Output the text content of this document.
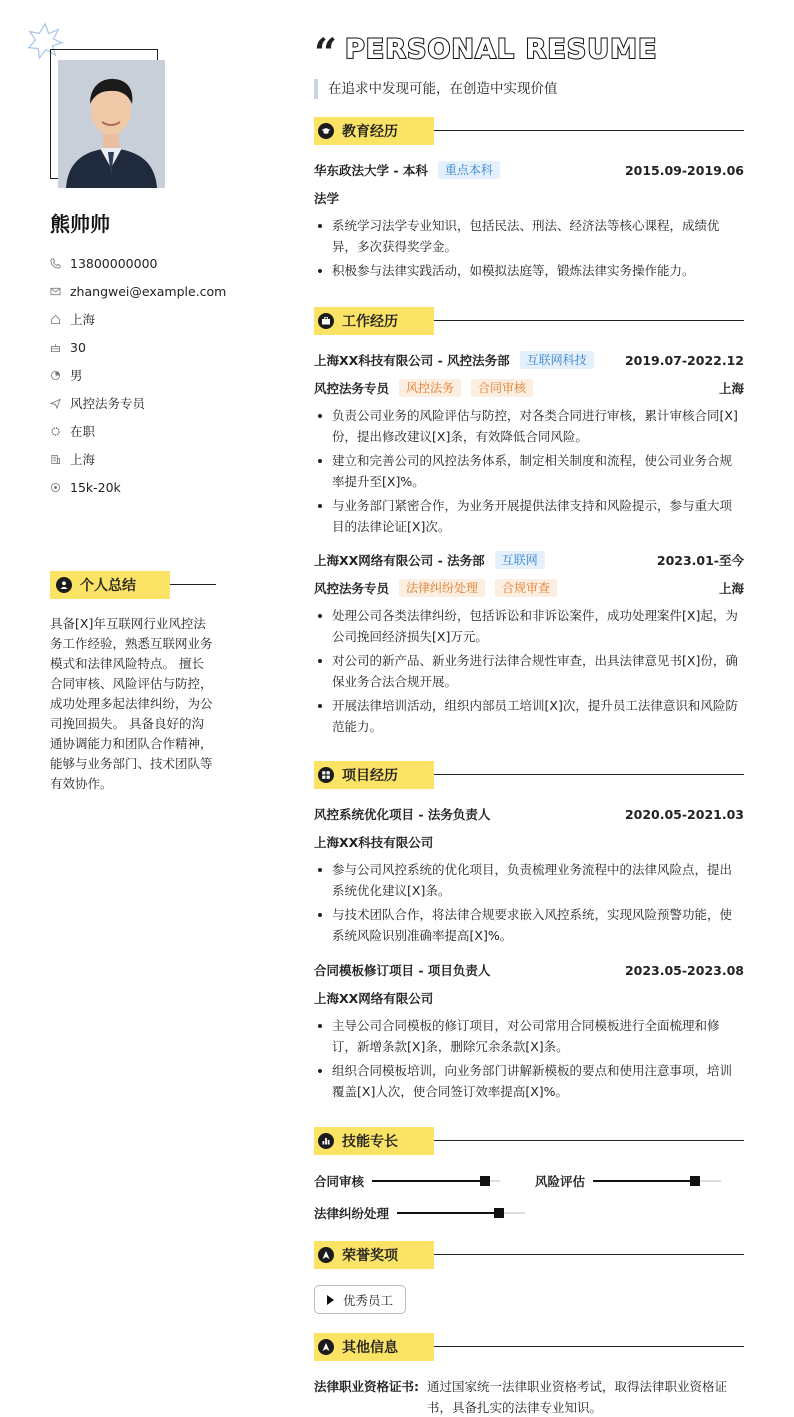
熊帅帅
13800000000
zhangwei@example.com
上海
30
男
风控法务专员
在职
上海
15k-20k
个人总结
具备[X]年互联网行业风控法务工作经验，熟悉互联网业务模式和法律风险特点。 擅长合同审核、风险评估与防控，成功处理多起法律纠纷，为公司挽回损失。 具备良好的沟通协调能力和团队合作精神，能够与业务部门、技术团队等有效协作。
“ PERSONAL RESUME
在追求中发现可能，在创造中实现价值
教育经历
华东政法大学 - 本科	重点本科	2015.09-2019.06
法学
系统学习法学专业知识，包括民法、刑法、经济法等核心课程，成绩优异，多次获得奖学金。
积极参与法律实践活动，如模拟法庭等，锻炼法律实务操作能力。
工作经历
上海XX科技有限公司 - 风控法务部	互联网科技	2019.07-2022.12
风控法务专员	风控法务	合同审核	上海
负责公司业务的风险评估与防控，对各类合同进行审核，累计审核合同[X]份，提出修改建议[X]条，有效降低合同风险。
建立和完善公司的风控法务体系，制定相关制度和流程，使公司业务合规率提升至[X]%。
与业务部门紧密合作，为业务开展提供法律支持和风险提示，参与重大项目的法律论证[X]次。
上海XX网络有限公司 - 法务部	互联网	2023.01-至今
风控法务专员	法律纠纷处理	合规审查	上海
处理公司各类法律纠纷，包括诉讼和非诉讼案件，成功处理案件[X]起，为公司挽回经济损失[X]万元。
对公司的新产品、新业务进行法律合规性审查，出具法律意见书[X]份，确保业务合法合规开展。
开展法律培训活动，组织内部员工培训[X]次，提升员工法律意识和风险防范能力。
项目经历
风控系统优化项目 - 法务负责人	2020.05-2021.03
上海XX科技有限公司
参与公司风控系统的优化项目，负责梳理业务流程中的法律风险点，提出系统优化建议[X]条。
与技术团队合作，将法律合规要求嵌入风控系统，实现风险预警功能，使系统风险识别准确率提高[X]%。
合同模板修订项目 - 项目负责人	2023.05-2023.08
上海XX网络有限公司
主导公司合同模板的修订项目，对公司常用合同模板进行全面梳理和修订，新增条款[X]条，删除冗余条款[X]条。
组织合同模板培训，向业务部门讲解新模板的要点和使用注意事项，培训覆盖[X]人次，使合同签订效率提高[X]%。
技能专长
合同审核	风险评估
法律纠纷处理
荣誉奖项
优秀员工
其他信息
法律职业资格证书: 通过国家统一法律职业资格考试，取得法律职业资格证书，具备扎实的法律专业知识。
